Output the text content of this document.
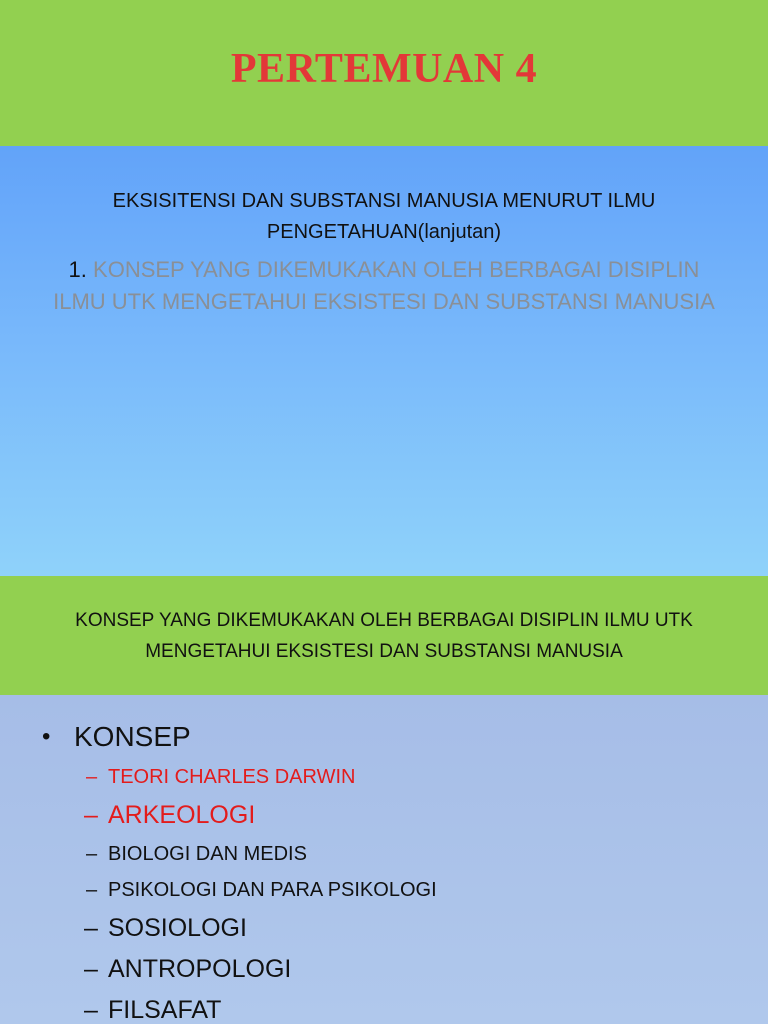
PERTEMUAN 4

EKSISITENSI DAN SUBSTANSI MANUSIA MENURUT ILMU
PENGETAHUAN(lanjutan)

1. KONSEP YANG DIKEMUKAKAN OLEH BERBAGAI DISIPLIN
ILMU UTK MENGETAHUI EKSISTESI DAN SUBSTANSI MANUSIA

KONSEP YANG DIKEMUKAKAN OLEH BERBAGAI DISIPLIN ILMU UTK
MENGETAHUI EKSISTESI DAN SUBSTANSI MANUSIA

• KONSEP
– TEORI CHARLES DARWIN
– ARKEOLOGI
– BIOLOGI DAN MEDIS
– PSIKOLOGI DAN PARA PSIKOLOGI
– SOSIOLOGI
– ANTROPOLOGI
– FILSAFAT
